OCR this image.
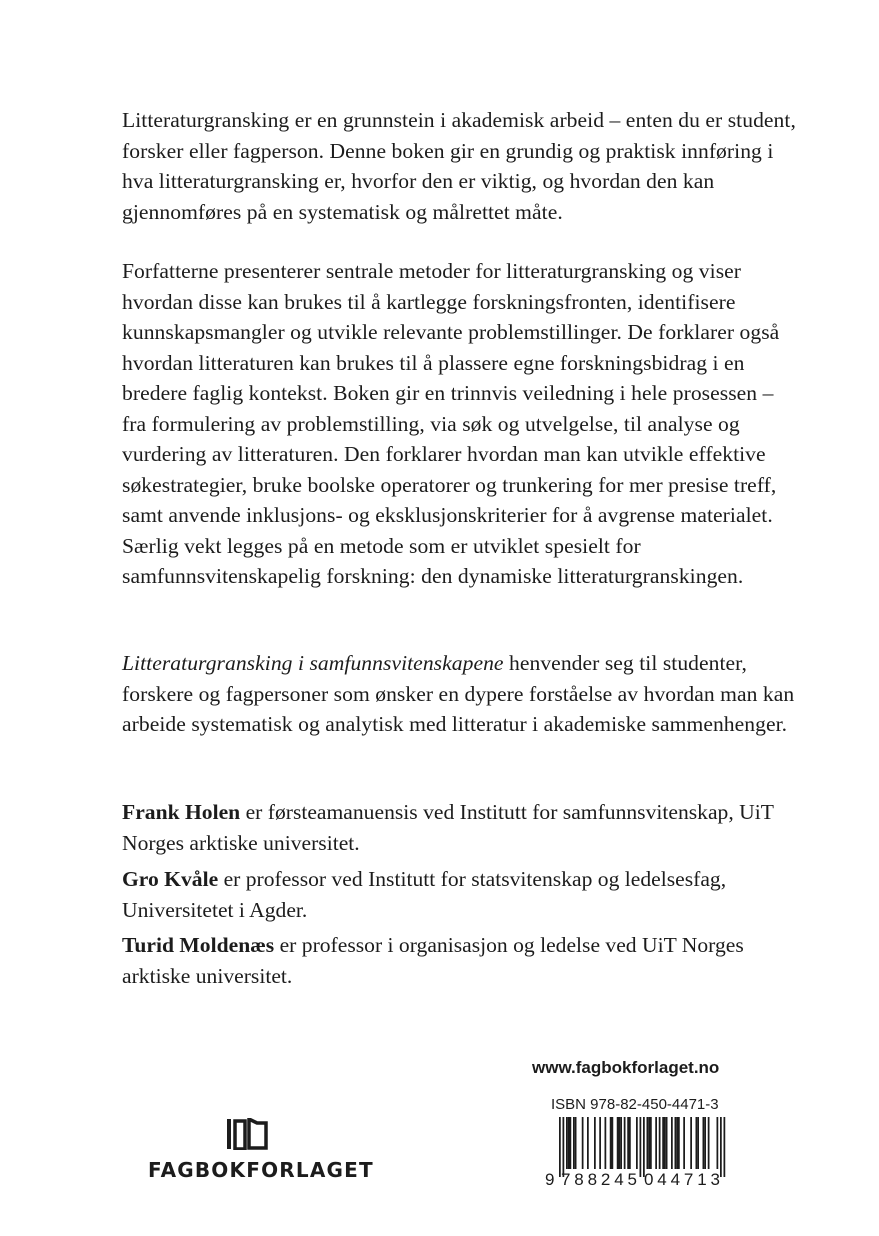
Litteraturgransking er en grunnstein i akademisk arbeid – enten du er student, forsker eller fagperson. Denne boken gir en grundig og praktisk innføring i hva litteraturgransking er, hvorfor den er viktig, og hvordan den kan gjennomføres på en systematisk og målrettet måte.

Forfatterne presenterer sentrale metoder for litteraturgransking og viser hvordan disse kan brukes til å kartlegge forskningsfronten, identifisere kunnskapsmangler og utvikle relevante problemstillinger. De forklarer også hvordan litteraturen kan brukes til å plassere egne forskningsbidrag i en bredere faglig kontekst. Boken gir en trinnvis veiledning i hele prosessen – fra formulering av problemstilling, via søk og utvelgelse, til analyse og vurdering av litteraturen. Den forklarer hvordan man kan utvikle effektive søkestrategier, bruke boolske operatorer og trunkering for mer presise treff, samt anvende inklusjons- og eksklusjonskriterier for å avgrense materialet. Særlig vekt legges på en metode som er utviklet spesielt for samfunnsvitenskapelig forskning: den dynamiske litteraturgranskingen.

Litteraturgransking i samfunnsvitenskapene henvender seg til studenter, forskere og fagpersoner som ønsker en dypere forståelse av hvordan man kan arbeide systematisk og analytisk med litteratur i akademiske sammenhenger.

Frank Holen er førsteamanuensis ved Institutt for samfunnsvitenskap, UiT Norges arktiske universitet.

Gro Kvåle er professor ved Institutt for statsvitenskap og ledelsesfag, Universitetet i Agder.

Turid Moldenæs er professor i organisasjon og ledelse ved UiT Norges arktiske universitet.

www.fagbokforlaget.no
FAGBOKFORLAGET
ISBN 978-82-450-4471-3
9 788245 044713
